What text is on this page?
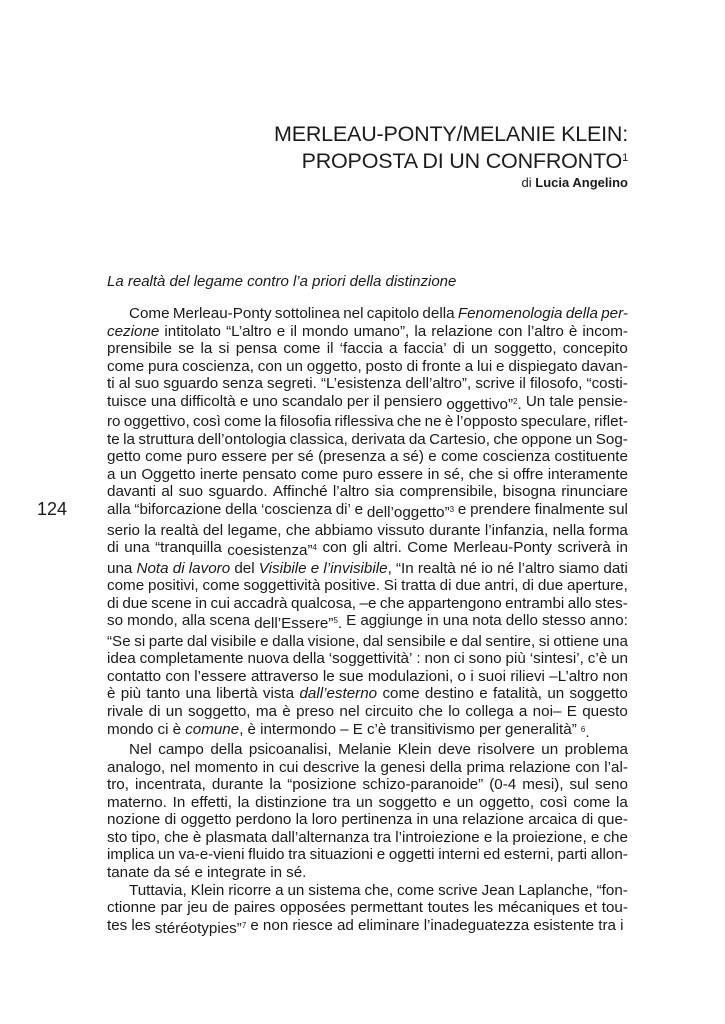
MERLEAU-PONTY/MELANIE KLEIN:
PROPOSTA DI UN CONFRONTO$^1$
di Lucia Angelino
124
La realtà del legame contro l’a priori della distinzione
Come Merleau-Ponty sottolinea nel capitolo della Fenomenologia della per-
cezione intitolato “L’altro e il mondo umano”, la relazione con l’altro è incom-
prensibile se la si pensa come il ‘faccia a faccia’ di un soggetto, concepito
come pura coscienza, con un oggetto, posto di fronte a lui e dispiegato davan-
ti al suo sguardo senza segreti. “L’esistenza dell’altro”, scrive il filosofo, “costi-
tuisce una difficoltà e uno scandalo per il pensiero oggettivo”$^2$. Un tale pensie-
ro oggettivo, così come la filosofia riflessiva che ne è l’opposto speculare, riflet-
te la struttura dell’ontologia classica, derivata da Cartesio, che oppone un Sog-
getto come puro essere per sé (presenza a sé) e come coscienza costituente
a un Oggetto inerte pensato come puro essere in sé, che si offre interamente
davanti al suo sguardo. Affinché l’altro sia comprensibile, bisogna rinunciare
alla “biforcazione della ‘coscienza di’ e dell’oggetto”$^3$ e prendere finalmente sul
serio la realtà del legame, che abbiamo vissuto durante l’infanzia, nella forma
di una “tranquilla coesistenza”$^4$ con gli altri. Come Merleau-Ponty scriverà in
una Nota di lavoro del Visibile e l’invisibile, “In realtà né io né l’altro siamo dati
come positivi, come soggettività positive. Si tratta di due antri, di due aperture,
di due scene in cui accadrà qualcosa, –e che appartengono entrambi allo stes-
so mondo, alla scena dell’Essere”$^5$. E aggiunge in una nota dello stesso anno:
“Se si parte dal visibile e dalla visione, dal sensibile e dal sentire, si ottiene una
idea completamente nuova della ‘soggettività’ : non ci sono più ‘sintesi’, c’è un
contatto con l’essere attraverso le sue modulazioni, o i suoi rilievi –L’altro non
è più tanto una libertà vista dall’esterno come destino e fatalità, un soggetto
rivale di un soggetto, ma è preso nel circuito che lo collega a noi– E questo
mondo ci è comune, è intermondo – E c’è transitivismo per generalità” $^6$.
Nel campo della psicoanalisi, Melanie Klein deve risolvere un problema
analogo, nel momento in cui descrive la genesi della prima relazione con l’al-
tro, incentrata, durante la “posizione schizo-paranoide” (0-4 mesi), sul seno
materno. In effetti, la distinzione tra un soggetto e un oggetto, così come la
nozione di oggetto perdono la loro pertinenza in una relazione arcaica di que-
sto tipo, che è plasmata dall’alternanza tra l’introiezione e la proiezione, e che
implica un va-e-vieni fluido tra situazioni e oggetti interni ed esterni, parti allon-
tanate da sé e integrate in sé.
Tuttavia, Klein ricorre a un sistema che, come scrive Jean Laplanche, “fon-
ctionne par jeu de paires opposées permettant toutes les mécaniques et tou-
tes les stéréotypies”$^7$ e non riesce ad eliminare l’inadeguatezza esistente tra i
